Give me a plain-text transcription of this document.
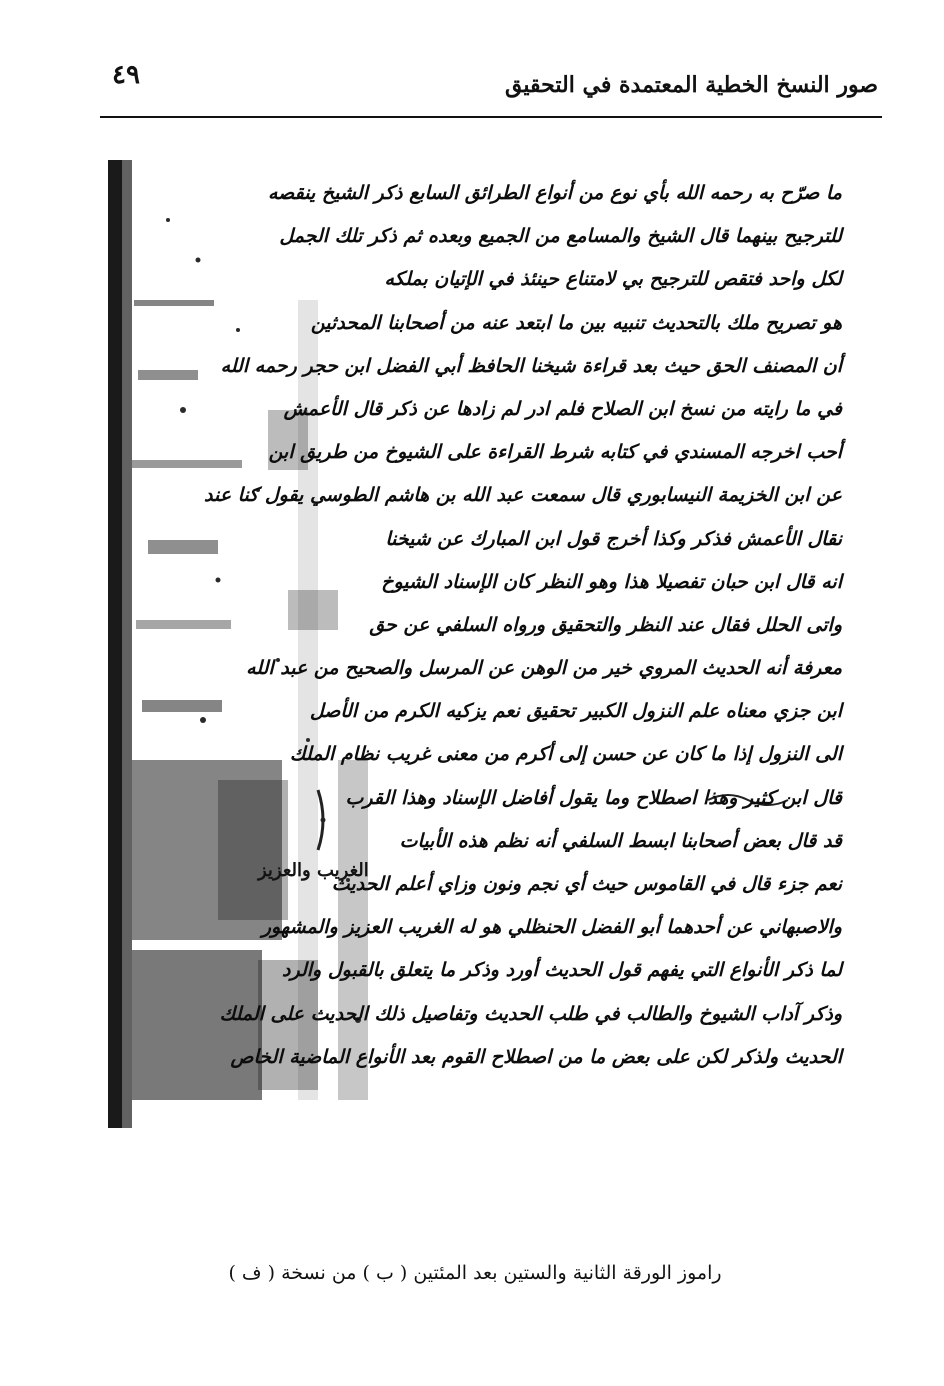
٤٩	صور النسخ الخطية المعتمدة في التحقيق
ما صرّح به رحمه الله بأي نوع من أنواع الطرائق السابع ذكر الشيخ ينقصه
للترجيح بينهما قال الشيخ والمسامع من الجميع وبعده ثم ذكر تلك الجمل
لكل واحد فتقص للترجيح بي لامتناع حينئذ في الإتيان بملكه
هو تصريح ملك بالتحديث تنبيه بين ما ابتعد عنه من أصحابنا المحدثين
أن المصنف الحق حيث بعد قراءة شيخنا الحافظ أبي الفضل ابن حجر رحمه الله
في ما رايته من نسخ ابن الصلاح فلم ادر لم زادها عن ذكر قال الأعمش
أحب اخرجه المسندي في كتابه شرط القراءة على الشيوخ من طريق ابن
عن ابن الخزيمة النيسابوري قال سمعت عبد الله بن هاشم الطوسي يقول كنا عند
نقال الأعمش فذكر وكذا أخرج قول ابن المبارك عن شيخنا
انه قال ابن حبان تفصيلا هذا وهو النظر كان الإسناد الشيوخ
واتى الحلل فقال عند النظر والتحقيق ورواه السلفي عن حق
معرفة أنه الحديث المروي خير من الوهن عن المرسل والصحيح من عبد الله
ابن جزي معناه علم النزول الكبير تحقيق نعم يزكيه الكرم من الأصل
الى النزول إذا ما كان عن حسن إلى أكرم من معنى غريب نظام الملك
قال ابن كثير وهذا اصطلاح وما يقول أفاضل الإسناد وهذا القرب
قد قال بعض أصحابنا ابسط السلفي أنه نظم هذه الأبيات
نعم جزء قال في القاموس حيث أي نجم ونون وزاي أعلم الحديث
والاصبهاني عن أحدهما أبو الفضل الحنظلي هو له الغريب العزيز والمشهور
لما ذكر الأنواع التي يفهم قول الحديث أورد وذكر ما يتعلق بالقبول والرد
وذكر آداب الشيوخ والطالب في طلب الحديث وتفاصيل ذلك الحديث على الملك
الحديث ولذكر لكن على بعض ما من اصطلاح القوم بعد الأنواع الماضية الخاص
الغريب والعزيز
راموز الورقة الثانية والستين بعد المئتين ( ب ) من نسخة ( ف )
